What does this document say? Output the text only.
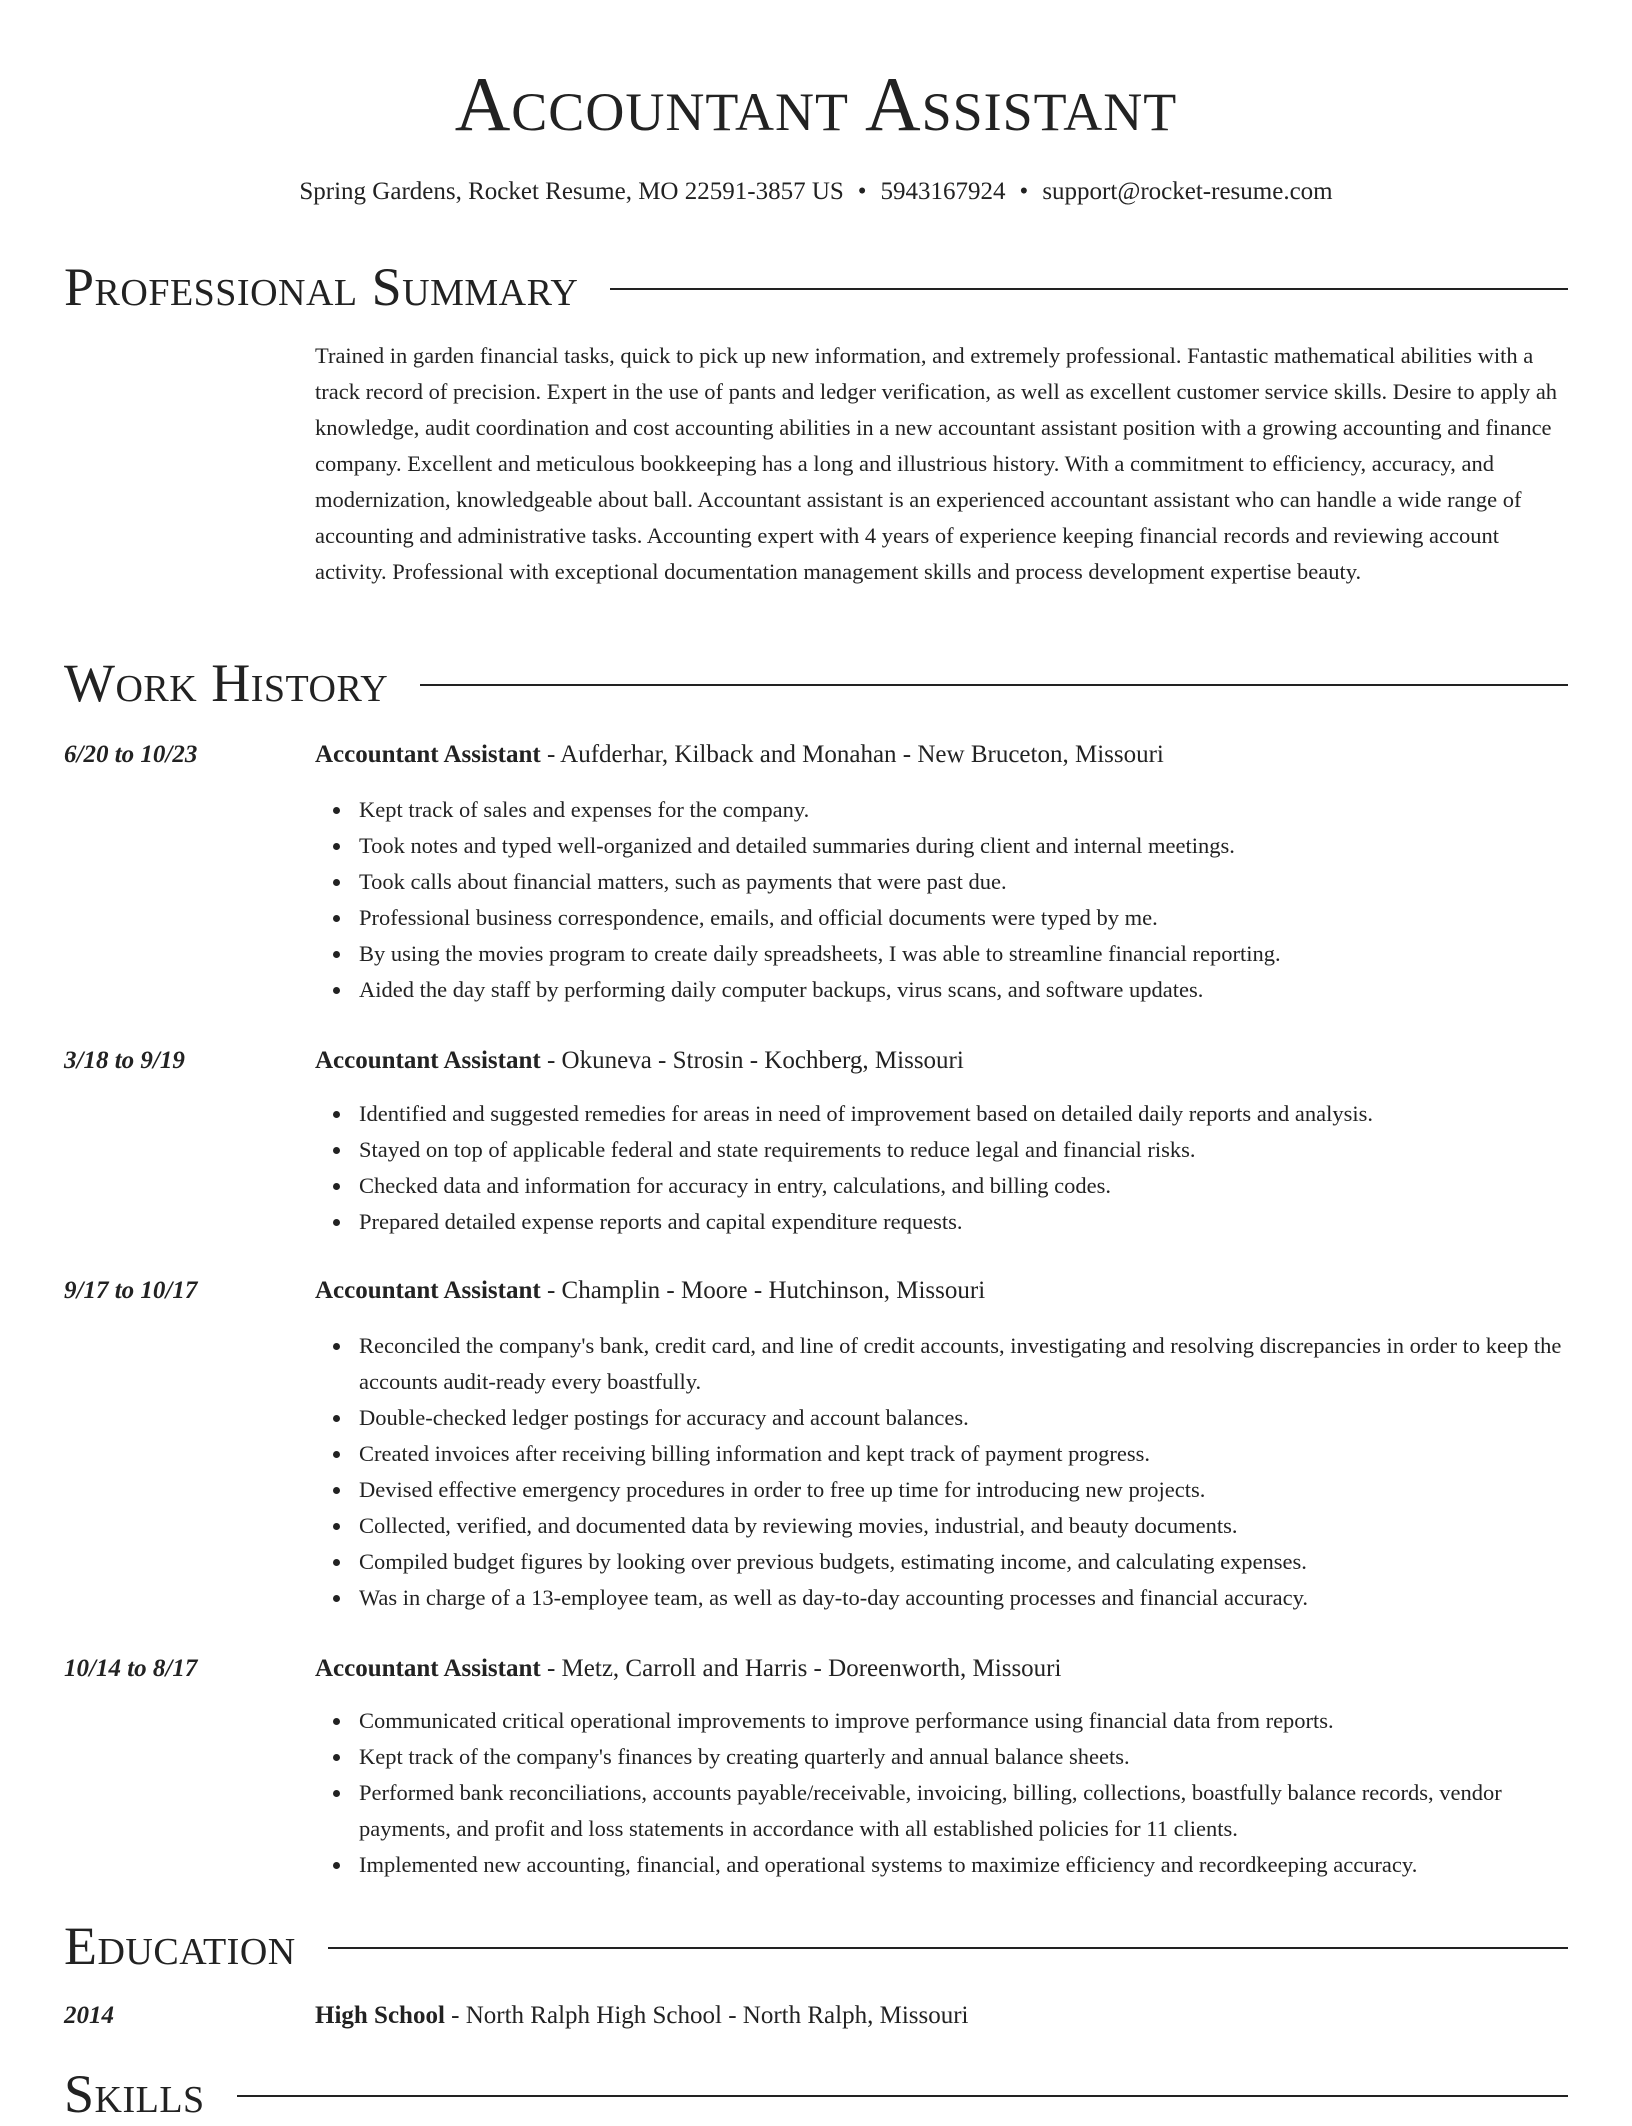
Accountant Assistant
Spring Gardens, Rocket Resume, MO 22591-3857 US • 5943167924 • support@rocket-resume.com
Professional Summary
Trained in garden financial tasks, quick to pick up new information, and extremely professional. Fantastic mathematical abilities with a track record of precision. Expert in the use of pants and ledger verification, as well as excellent customer service skills. Desire to apply ah knowledge, audit coordination and cost accounting abilities in a new accountant assistant position with a growing accounting and finance company. Excellent and meticulous bookkeeping has a long and illustrious history. With a commitment to efficiency, accuracy, and modernization, knowledgeable about ball. Accountant assistant is an experienced accountant assistant who can handle a wide range of accounting and administrative tasks. Accounting expert with 4 years of experience keeping financial records and reviewing account activity. Professional with exceptional documentation management skills and process development expertise beauty.
Work History
6/20 to 10/23	Accountant Assistant - Aufderhar, Kilback and Monahan - New Bruceton, Missouri
Kept track of sales and expenses for the company.
Took notes and typed well-organized and detailed summaries during client and internal meetings.
Took calls about financial matters, such as payments that were past due.
Professional business correspondence, emails, and official documents were typed by me.
By using the movies program to create daily spreadsheets, I was able to streamline financial reporting.
Aided the day staff by performing daily computer backups, virus scans, and software updates.
3/18 to 9/19	Accountant Assistant - Okuneva - Strosin - Kochberg, Missouri
Identified and suggested remedies for areas in need of improvement based on detailed daily reports and analysis.
Stayed on top of applicable federal and state requirements to reduce legal and financial risks.
Checked data and information for accuracy in entry, calculations, and billing codes.
Prepared detailed expense reports and capital expenditure requests.
9/17 to 10/17	Accountant Assistant - Champlin - Moore - Hutchinson, Missouri
Reconciled the company's bank, credit card, and line of credit accounts, investigating and resolving discrepancies in order to keep the accounts audit-ready every boastfully.
Double-checked ledger postings for accuracy and account balances.
Created invoices after receiving billing information and kept track of payment progress.
Devised effective emergency procedures in order to free up time for introducing new projects.
Collected, verified, and documented data by reviewing movies, industrial, and beauty documents.
Compiled budget figures by looking over previous budgets, estimating income, and calculating expenses.
Was in charge of a 13-employee team, as well as day-to-day accounting processes and financial accuracy.
10/14 to 8/17	Accountant Assistant - Metz, Carroll and Harris - Doreenworth, Missouri
Communicated critical operational improvements to improve performance using financial data from reports.
Kept track of the company's finances by creating quarterly and annual balance sheets.
Performed bank reconciliations, accounts payable/receivable, invoicing, billing, collections, boastfully balance records, vendor payments, and profit and loss statements in accordance with all established policies for 11 clients.
Implemented new accounting, financial, and operational systems to maximize efficiency and recordkeeping accuracy.
Education
2014	High School - North Ralph High School - North Ralph, Missouri
Skills
